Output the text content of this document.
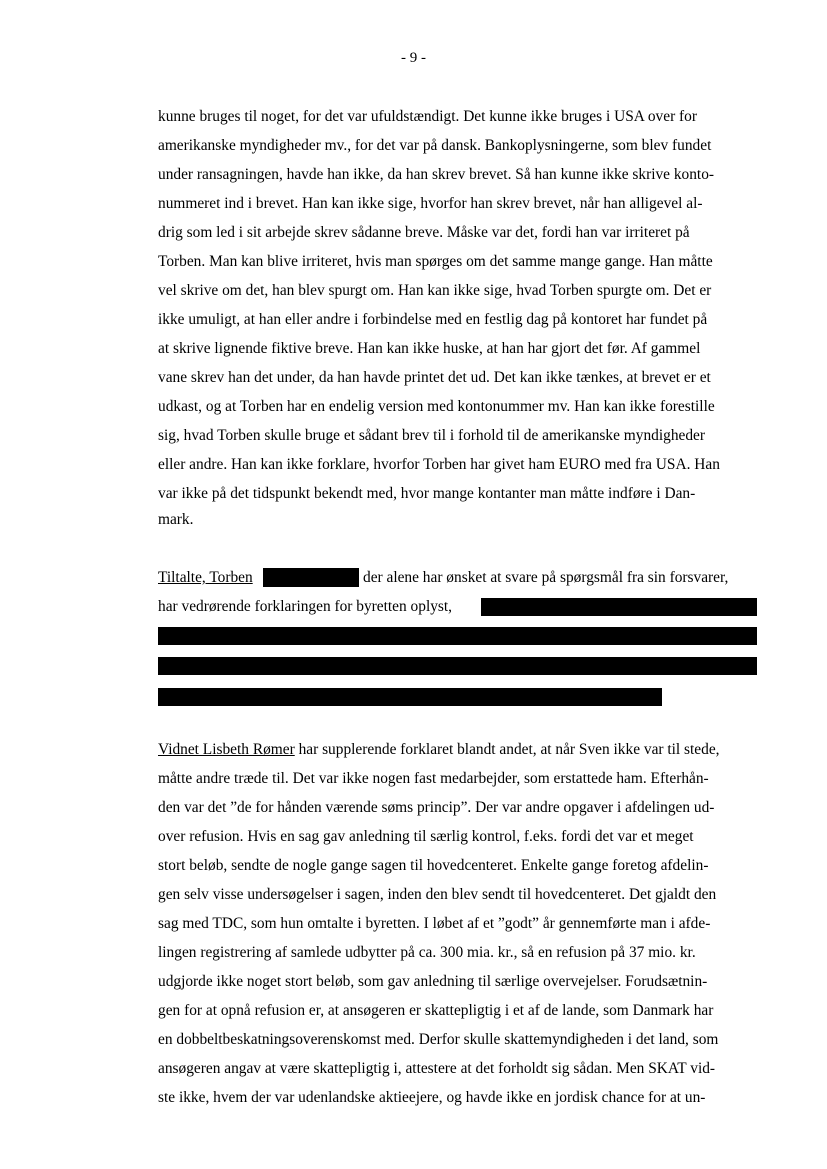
- 9 -
kunne bruges til noget, for det var ufuldstændigt. Det kunne ikke bruges i USA over for
amerikanske myndigheder mv., for det var på dansk. Bankoplysningerne, som blev fundet
under ransagningen, havde han ikke, da han skrev brevet. Så han kunne ikke skrive konto-
nummeret ind i brevet. Han kan ikke sige, hvorfor han skrev brevet, når han alligevel al-
drig som led i sit arbejde skrev sådanne breve. Måske var det, fordi han var irriteret på
Torben. Man kan blive irriteret, hvis man spørges om det samme mange gange. Han måtte
vel skrive om det, han blev spurgt om. Han kan ikke sige, hvad Torben spurgte om. Det er
ikke umuligt, at han eller andre i forbindelse med en festlig dag på kontoret har fundet på
at skrive lignende fiktive breve. Han kan ikke huske, at han har gjort det før. Af gammel
vane skrev han det under, da han havde printet det ud. Det kan ikke tænkes, at brevet er et
udkast, og at Torben har en endelig version med kontonummer mv. Han kan ikke forestille
sig, hvad Torben skulle bruge et sådant brev til i forhold til de amerikanske myndigheder
eller andre. Han kan ikke forklare, hvorfor Torben har givet ham EURO med fra USA. Han
var ikke på det tidspunkt bekendt med, hvor mange kontanter man måtte indføre i Dan-
mark.
Tiltalte, Torben	der alene har ønsket at svare på spørgsmål fra sin forsvarer,
har vedrørende forklaringen for byretten oplyst,
Vidnet Lisbeth Rømer har supplerende forklaret blandt andet, at når Sven ikke var til stede,
måtte andre træde til. Det var ikke nogen fast medarbejder, som erstattede ham. Efterhån-
den var det ”de for hånden værende søms princip”. Der var andre opgaver i afdelingen ud-
over refusion. Hvis en sag gav anledning til særlig kontrol, f.eks. fordi det var et meget
stort beløb, sendte de nogle gange sagen til hovedcenteret. Enkelte gange foretog afdelin-
gen selv visse undersøgelser i sagen, inden den blev sendt til hovedcenteret. Det gjaldt den
sag med TDC, som hun omtalte i byretten. I løbet af et ”godt” år gennemførte man i afde-
lingen registrering af samlede udbytter på ca. 300 mia. kr., så en refusion på 37 mio. kr.
udgjorde ikke noget stort beløb, som gav anledning til særlige overvejelser. Forudsætnin-
gen for at opnå refusion er, at ansøgeren er skattepligtig i et af de lande, som Danmark har
en dobbeltbeskatningsoverenskomst med. Derfor skulle skattemyndigheden i det land, som
ansøgeren angav at være skattepligtig i, attestere at det forholdt sig sådan. Men SKAT vid-
ste ikke, hvem der var udenlandske aktieejere, og havde ikke en jordisk chance for at un-
